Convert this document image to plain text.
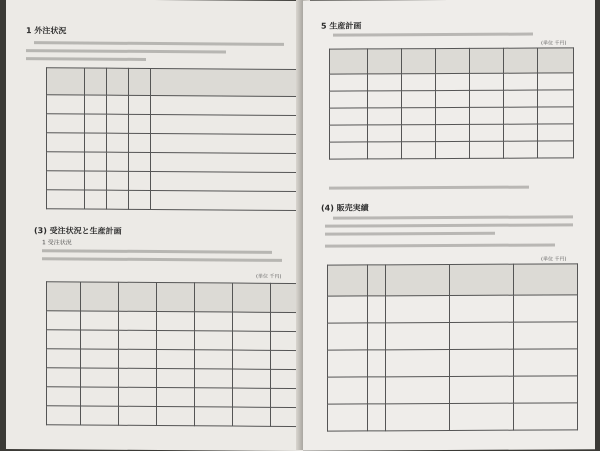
1 外注状況

(3) 受注状況と生産計画
1 受注状況
(単位 千円)

5 生産計画
(単位 千円)

(4) 販売実績
(単位 千円)
